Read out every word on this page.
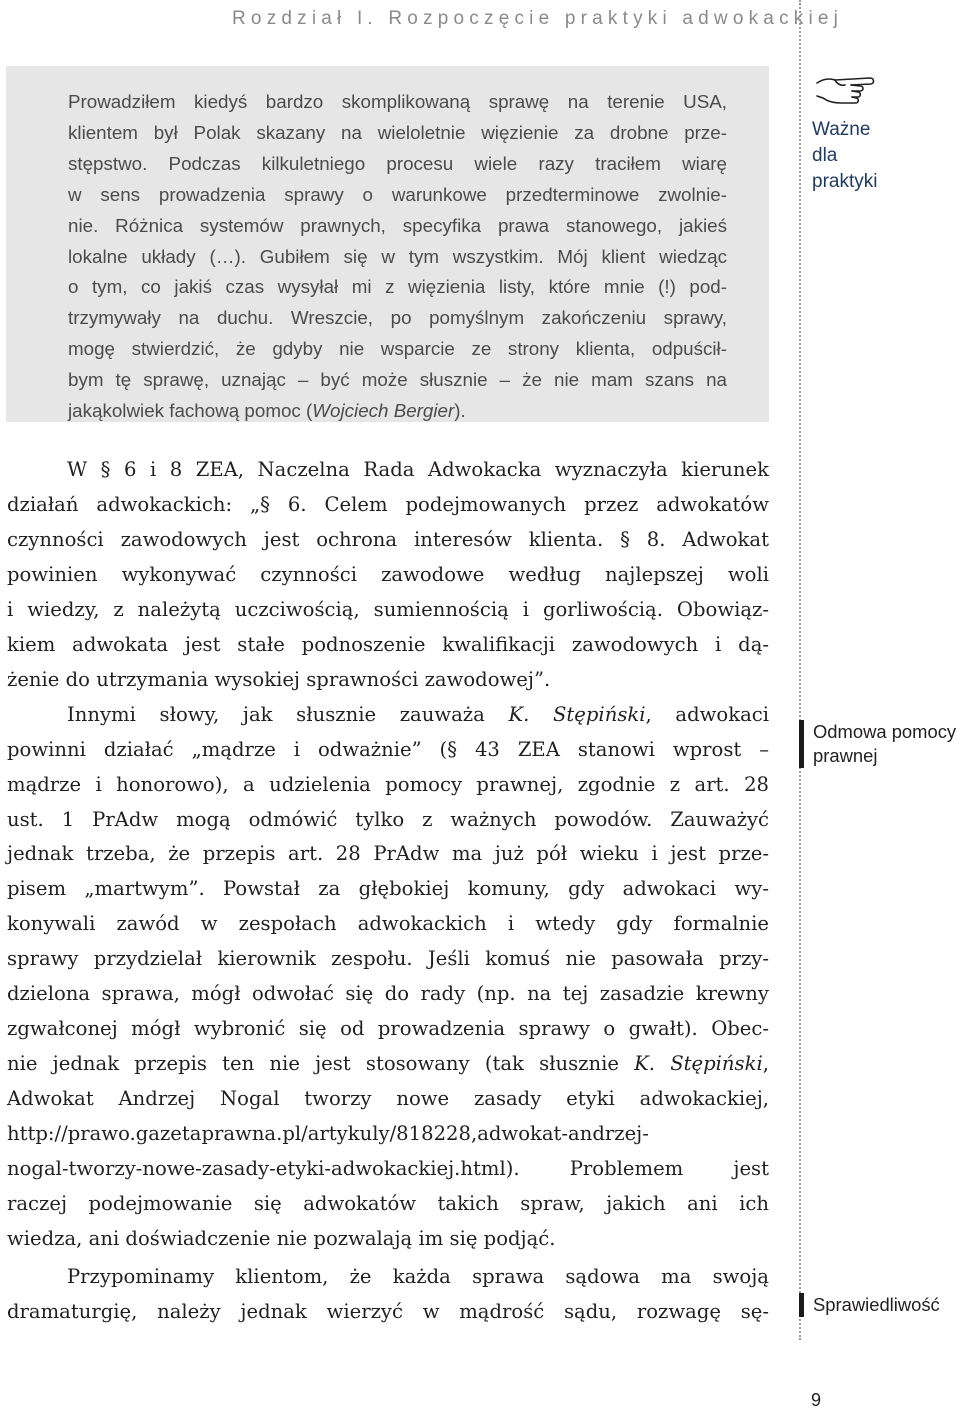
Rozdział I. Rozpoczęcie praktyki adwokackiej
Prowadziłem kiedyś bardzo skomplikowaną sprawę na terenie USA,
klientem był Polak skazany na wieloletnie więzienie za drobne prze-
stępstwo. Podczas kilkuletniego procesu wiele razy traciłem wiarę
w sens prowadzenia sprawy o warunkowe przedterminowe zwolnie-
nie. Różnica systemów prawnych, specyfika prawa stanowego, jakieś
lokalne układy (…). Gubiłem się w tym wszystkim. Mój klient wiedząc
o tym, co jakiś czas wysyłał mi z więzienia listy, które mnie (!) pod-
trzymywały na duchu. Wreszcie, po pomyślnym zakończeniu sprawy,
mogę stwierdzić, że gdyby nie wsparcie ze strony klienta, odpuścił-
bym tę sprawę, uznając – być może słusznie – że nie mam szans na
jakąkolwiek fachową pomoc (Wojciech Bergier).
Ważne
dla
praktyki
W § 6 i 8 ZEA, Naczelna Rada Adwokacka wyznaczyła kierunek
działań adwokackich: „§ 6. Celem podejmowanych przez adwokatów
czynności zawodowych jest ochrona interesów klienta. § 8. Adwokat
powinien wykonywać czynności zawodowe według najlepszej woli
i wiedzy, z należytą uczciwością, sumiennością i gorliwością. Obowiąz-
kiem adwokata jest stałe podnoszenie kwalifikacji zawodowych i dą-
żenie do utrzymania wysokiej sprawności zawodowej”.
Innymi słowy, jak słusznie zauważa K. Stępiński, adwokaci
powinni działać „mądrze i odważnie” (§ 43 ZEA stanowi wprost –
mądrze i honorowo), a udzielenia pomocy prawnej, zgodnie z art. 28
ust. 1 PrAdw mogą odmówić tylko z ważnych powodów. Zauważyć
jednak trzeba, że przepis art. 28 PrAdw ma już pół wieku i jest prze-
pisem „martwym”. Powstał za głębokiej komuny, gdy adwokaci wy-
konywali zawód w zespołach adwokackich i wtedy gdy formalnie
sprawy przydzielał kierownik zespołu. Jeśli komuś nie pasowała przy-
dzielona sprawa, mógł odwołać się do rady (np. na tej zasadzie krewny
zgwałconej mógł wybronić się od prowadzenia sprawy o gwałt). Obec-
nie jednak przepis ten nie jest stosowany (tak słusznie K. Stępiński,
Adwokat Andrzej Nogal tworzy nowe zasady etyki adwokackiej,
http://prawo.gazetaprawna.pl/artykuly/818228,adwokat-andrzej-
nogal-tworzy-nowe-zasady-etyki-adwokackiej.html). Problemem jest
raczej podejmowanie się adwokatów takich spraw, jakich ani ich
wiedza, ani doświadczenie nie pozwalają im się podjąć.
Przypominamy klientom, że każda sprawa sądowa ma swoją
dramaturgię, należy jednak wierzyć w mądrość sądu, rozwagę sę-
Odmowa pomocy
prawnej
Sprawiedliwość
9
